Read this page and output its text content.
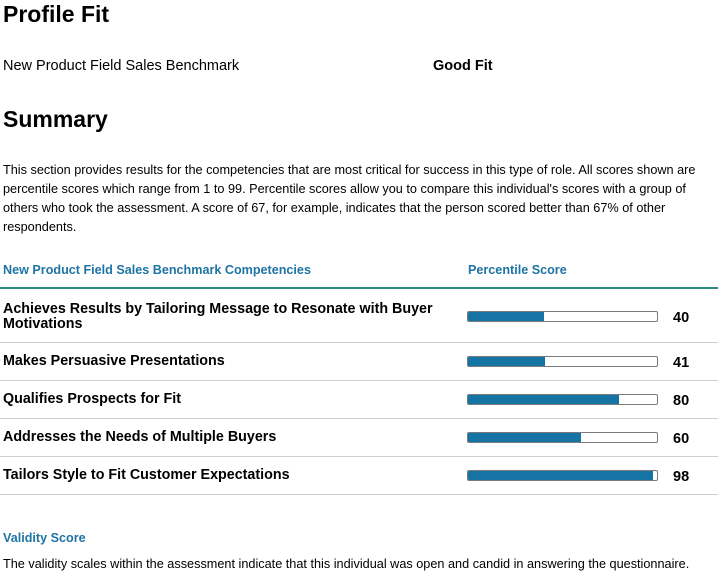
Profile Fit
New Product Field Sales Benchmark	Good Fit
Summary

This section provides results for the competencies that are most critical for success in this type of role. All scores shown are percentile scores which range from 1 to 99. Percentile scores allow you to compare this individual's scores with a group of others who took the assessment. A score of 67, for example, indicates that the person scored better than 67% of other respondents.

New Product Field Sales Benchmark Competencies	Percentile Score
Achieves Results by Tailoring Message to Resonate with Buyer Motivations	40
Makes Persuasive Presentations	41
Qualifies Prospects for Fit	80
Addresses the Needs of Multiple Buyers	60
Tailors Style to Fit Customer Expectations	98
Validity Score
The validity scales within the assessment indicate that this individual was open and candid in answering the questionnaire.
